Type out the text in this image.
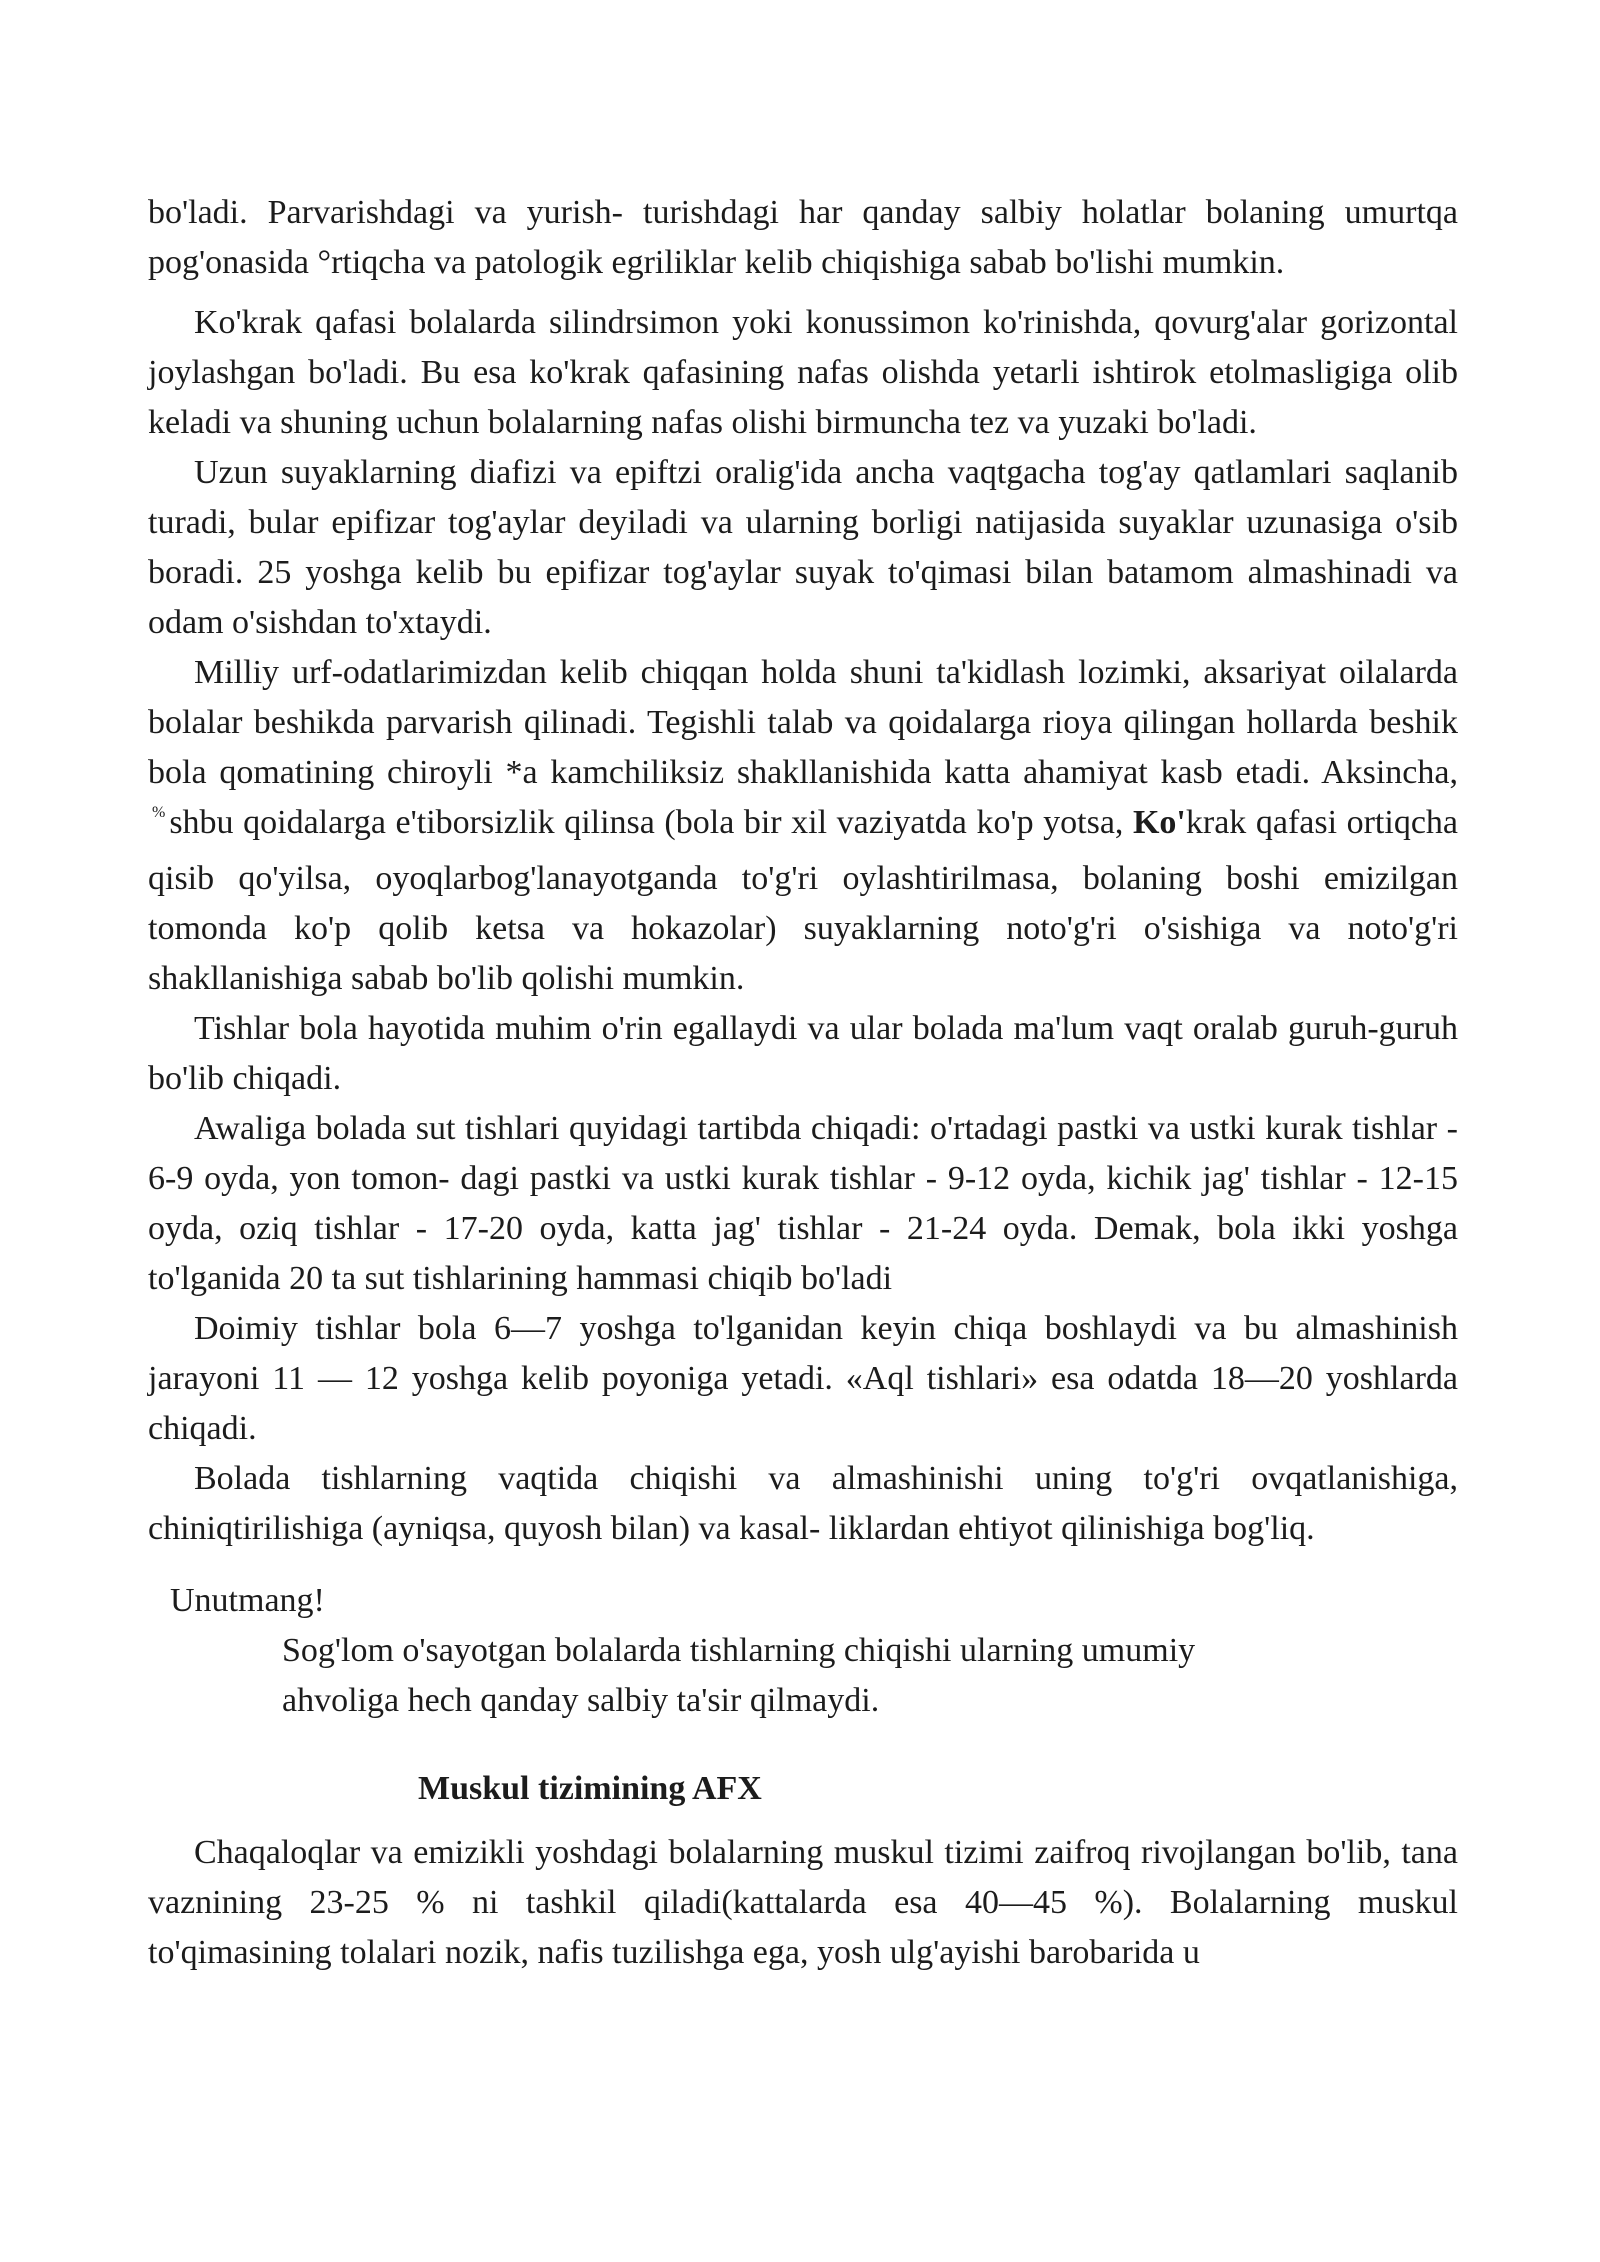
bo'ladi. Parvarishdagi va yurish- turishdagi har qanday salbiy holatlar bolaning umurtqa pog'onasida °rtiqcha va patologik egriliklar kelib chiqishiga sabab bo'lishi mumkin.

Ko'krak qafasi bolalarda silindrsimon yoki konussimon ko'rinishda, qovurg'alar gorizontal joylashgan bo'ladi. Bu esa ko'krak qafasining nafas olishda yetarli ishtirok etolmasligiga olib keladi va shuning uchun bolalarning nafas olishi birmuncha tez va yuzaki bo'ladi.

Uzun suyaklarning diafizi va epiftzi oralig'ida ancha vaqtgacha tog'ay qatlamlari saqlanib turadi, bular epifizar tog'aylar deyiladi va ularning borligi natijasida suyaklar uzunasiga o'sib boradi. 25 yoshga kelib bu epifizar tog'aylar suyak to'qimasi bilan batamom almashinadi va odam o'sishdan to'xtaydi.

Milliy urf-odatlarimizdan kelib chiqqan holda shuni ta'kidlash lozimki, aksariyat oilalarda bolalar beshikda parvarish qilinadi. Tegishli talab va qoidalarga rioya qilingan hollarda beshik bola qomatining chiroyli *a kamchiliksiz shakllanishida katta ahamiyat kasb etadi. Aksincha, % shbu qoidalarga e'tiborsizlik qilinsa (bola bir xil vaziyatda ko'p yotsa, Ko'krak qafasi ortiqcha qisib qo'yilsa, oyoqlarbog'lanayotganda to'g'ri oylashtirilmasa, bolaning boshi emizilgan tomonda ko'p qolib ketsa va hokazolar) suyaklarning noto'g'ri o'sishiga va noto'g'ri shakllanishiga sabab bo'lib qolishi mumkin.

Tishlar bola hayotida muhim o'rin egallaydi va ular bolada ma'lum vaqt oralab guruh-guruh bo'lib chiqadi.

Awaliga bolada sut tishlari quyidagi tartibda chiqadi: o'rtadagi pastki va ustki kurak tishlar - 6-9 oyda, yon tomon- dagi pastki va ustki kurak tishlar - 9-12 oyda, kichik jag' tishlar - 12-15 oyda, oziq tishlar - 17-20 oyda, katta jag' tishlar - 21-24 oyda. Demak, bola ikki yoshga to'lganida 20 ta sut tishlarining hammasi chiqib bo'ladi

Doimiy tishlar bola 6—7 yoshga to'lganidan keyin chiqa boshlaydi va bu almashinish jarayoni 11 — 12 yoshga kelib poyoniga yetadi. «Aql tishlari» esa odatda 18—20 yoshlarda chiqadi.

Bolada tishlarning vaqtida chiqishi va almashinishi uning to'g'ri ovqatlanishiga, chiniqtirilishiga (ayniqsa, quyosh bilan) va kasal- liklardan ehtiyot qilinishiga bog'liq.

Unutmang!
Sog'lom o'sayotgan bolalarda tishlarning chiqishi ularning umumiy ahvoliga hech qanday salbiy ta'sir qilmaydi.
Muskul tizimining AFX

Chaqaloqlar va emizikli yoshdagi bolalarning muskul tizimi zaifroq rivojlangan bo'lib, tana vaznining 23-25 % ni tashkil qiladi(kattalarda esa 40—45 %). Bolalarning muskul to'qimasining tolalari nozik, nafis tuzilishga ega, yosh ulg'ayishi barobarida u
